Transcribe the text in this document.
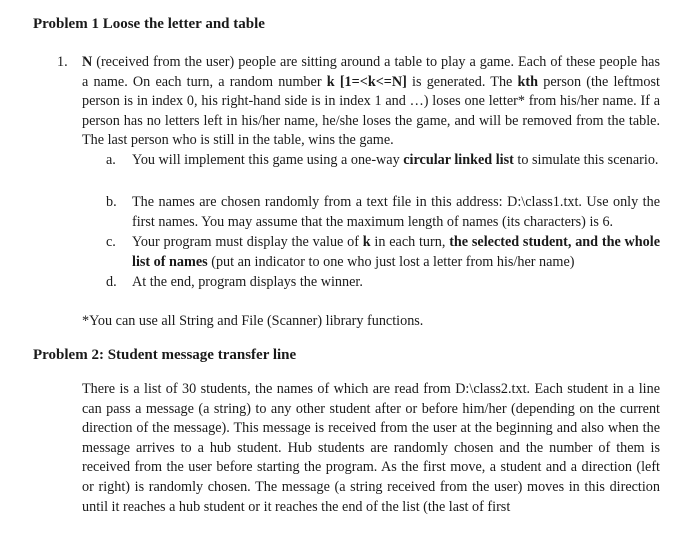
Problem 1 Loose the letter and table
1. N (received from the user) people are sitting around a table to play a game. Each of these people has a name. On each turn, a random number k [1=<k<=N] is generated. The kth person (the leftmost person is in index 0, his right-hand side is in index 1 and …) loses one letter* from his/her name. If a person has no letters left in his/her name, he/she loses the game, and will be removed from the table. The last person who is still in the table, wins the game.
a. You will implement this game using a one-way circular linked list to simulate this scenario.
b. The names are chosen randomly from a text file in this address: D:\class1.txt. Use only the first names. You may assume that the maximum length of names (its characters) is 6.
c. Your program must display the value of k in each turn, the selected student, and the whole list of names (put an indicator to one who just lost a letter from his/her name)
d. At the end, program displays the winner.
*You can use all String and File (Scanner) library functions.
Problem 2: Student message transfer line
There is a list of 30 students, the names of which are read from D:\class2.txt. Each student in a line can pass a message (a string) to any other student after or before him/her (depending on the current direction of the message). This message is received from the user at the beginning and also when the message arrives to a hub student. Hub students are randomly chosen and the number of them is received from the user before starting the program. As the first move, a student and a direction (left or right) is randomly chosen. The message (a string received from the user) moves in this direction until it reaches a hub student or it reaches the end of the list (the last of first
